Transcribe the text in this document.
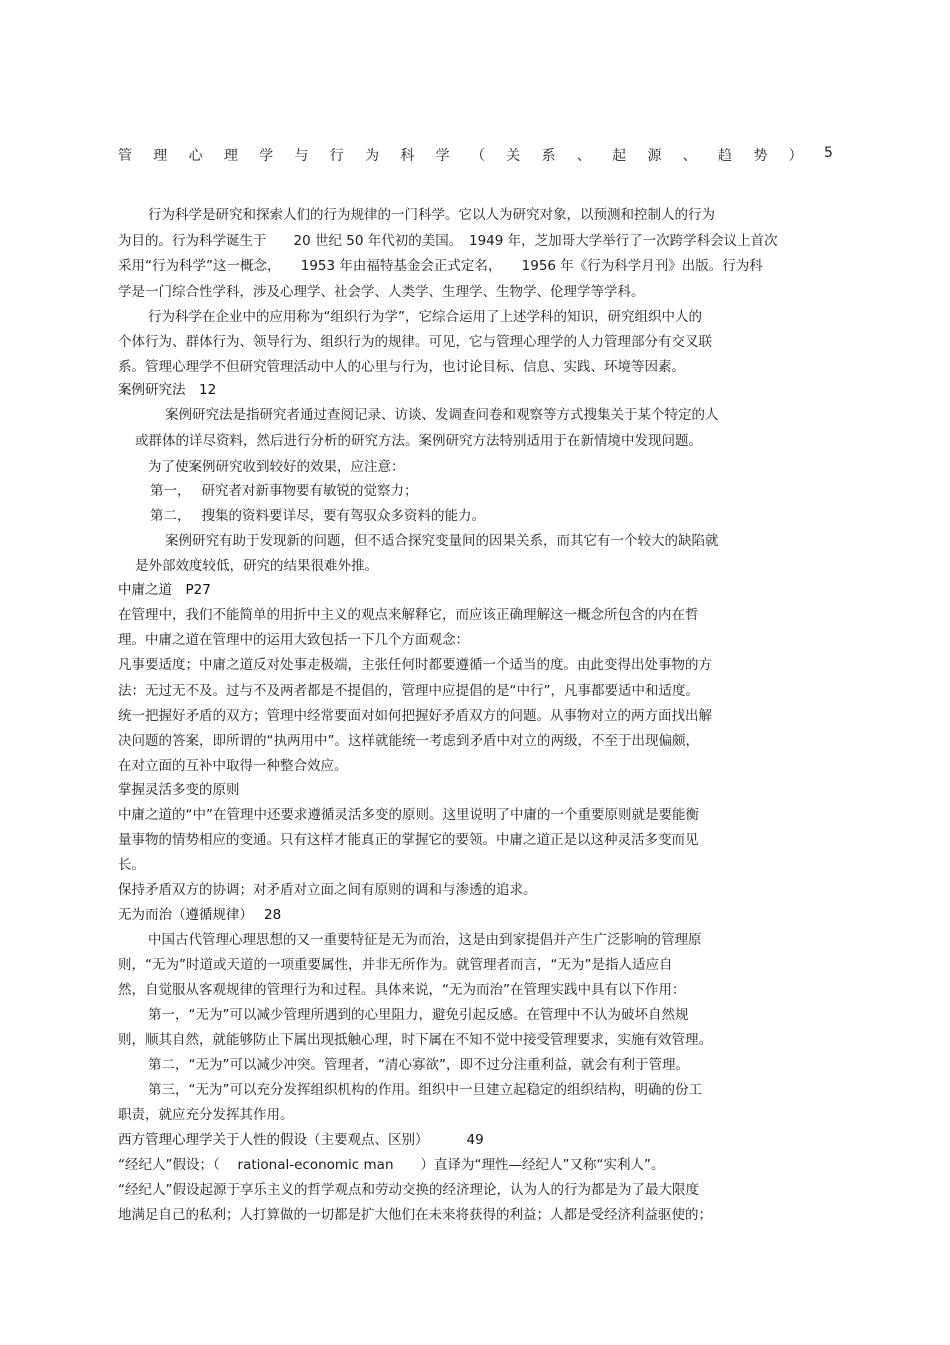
管 理 心 理 学 与 行 为 科 学 （ 关 系 、 起 源 、 趋 势 ） 5
行为科学是研究和探索人们的行为规律的一门科学。它以人为研究对象，以预测和控制人的行为
为目的。行为科学诞生于　　20 世纪 50 年代初的美国。　1949 年，芝加哥大学举行了一次跨学科会议上首次
采用“行为科学”这一概念，　　1953 年由福特基金会正式定名，　　1956 年《行为科学月刊》出版。行为科
学是一门综合性学科，涉及心理学、社会学、人类学、生理学、生物学、伦理学等学科。
行为科学在企业中的应用称为“组织行为学”，它综合运用了上述学科的知识，研究组织中人的
个体行为、群体行为、领导行为、组织行为的规律。可见，它与管理心理学的人力管理部分有交叉联
系。管理心理学不但研究管理活动中人的心里与行为，也讨论目标、信息、实践、环境等因素。
案例研究法　12
案例研究法是指研究者通过查阅记录、访谈、发调查问卷和观察等方式搜集关于某个特定的人
或群体的详尽资料，然后进行分析的研究方法。案例研究方法特别适用于在新情境中发现问题。
为了使案例研究收到较好的效果，应注意：
第一，　 研究者对新事物要有敏锐的觉察力；
第二，　 搜集的资料要详尽，要有驾驭众多资料的能力。
案例研究有助于发现新的问题，但不适合探究变量间的因果关系，而其它有一个较大的缺陷就
是外部效度较低，研究的结果很难外推。
中庸之道　P27
在管理中，我们不能简单的用折中主义的观点来解释它，而应该正确理解这一概念所包含的内在哲
理。中庸之道在管理中的运用大致包括一下几个方面观念：
凡事要适度；中庸之道反对处事走极端，主张任何时都要遵循一个适当的度。由此变得出处事物的方
法：无过无不及。过与不及两者都是不提倡的，管理中应提倡的是“中行”，凡事都要适中和适度。
统一把握好矛盾的双方；管理中经常要面对如何把握好矛盾双方的问题。从事物对立的两方面找出解
决问题的答案，即所谓的“执两用中”。这样就能统一考虑到矛盾中对立的两级，不至于出现偏颇，
在对立面的互补中取得一种整合效应。
掌握灵活多变的原则
中庸之道的“中”在管理中还要求遵循灵活多变的原则。这里说明了中庸的一个重要原则就是要能衡
量事物的情势相应的变通。只有这样才能真正的掌握它的要领。中庸之道正是以这种灵活多变而见
长。
保持矛盾双方的协调；对矛盾对立面之间有原则的调和与渗透的追求。
无为而治（遵循规律）　 28
中国古代管理心理思想的又一重要特征是无为而治，这是由到家提倡并产生广泛影响的管理原
则，“无为”时道或天道的一项重要属性，并非无所作为。就管理者而言，“无为”是指人适应自
然，自觉服从客观规律的管理行为和过程。具体来说，“无为而治”在管理实践中具有以下作用：
第一，“无为”可以减少管理所遇到的心里阻力，避免引起反感。在管理中不认为破坏自然规
则，顺其自然，就能够防止下属出现抵触心理，时下属在不知不觉中接受管理要求，实施有效管理。
第二，“无为”可以减少冲突。管理者，“清心寡欲”，即不过分注重利益，就会有利于管理。
第三，“无为”可以充分发挥组织机构的作用。组织中一旦建立起稳定的组织结构，明确的份工
职责，就应充分发挥其作用。
西方管理心理学关于人性的假设（主要观点、区别）　　　 49
“经纪人”假设；（　 rational-economic man　　）直译为“理性—经纪人”又称“实利人”。
“经纪人”假设起源于享乐主义的哲学观点和劳动交换的经济理论，认为人的行为都是为了最大限度
地满足自己的私利；人打算做的一切都是扩大他们在未来将获得的利益；人都是受经济利益驱使的；
